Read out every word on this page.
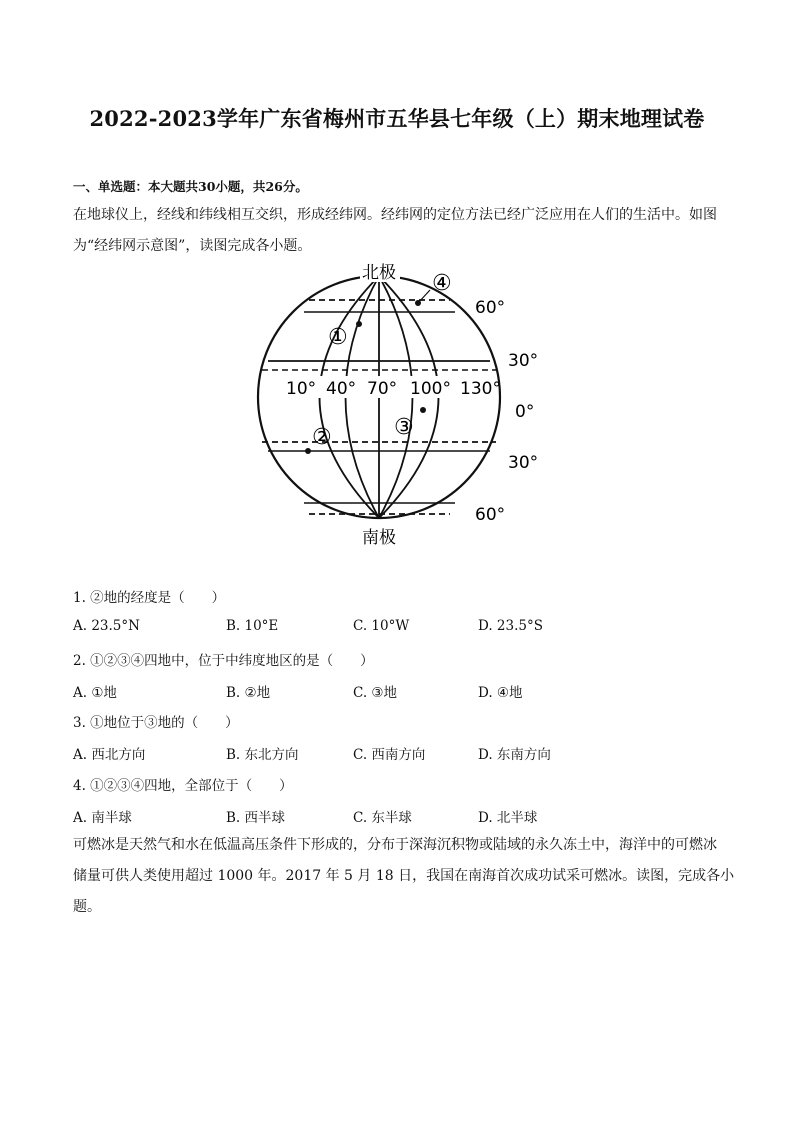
2022-2023学年广东省梅州市五华县七年级（上）期末地理试卷
一、单选题：本大题共30小题，共26分。
在地球仪上，经线和纬线相互交织，形成经纬网。经纬网的定位方法已经广泛应用在人们的生活中。如图
为“经纬网示意图”，读图完成各小题。
10° 40° 70° 100° 130°
北极
南极
60°
30°
0°
30°
60°
①
②	③
④
1. ②地的经度是（　　）
A. 23.5°N	B. 10°E	C. 10°W	D. 23.5°S
2. ①②③④四地中，位于中纬度地区的是（　　）
A. ①地	B. ②地	C. ③地	D. ④地
3. ①地位于③地的（　　）
A. 西北方向	B. 东北方向	C. 西南方向	D. 东南方向
4. ①②③④四地，全部位于（　　）
A. 南半球	B. 西半球	C. 东半球	D. 北半球
可燃冰是天然气和水在低温高压条件下形成的，分布于深海沉积物或陆域的永久冻土中，海洋中的可燃冰
储量可供人类使用超过 1000 年。2017 年 5 月 18 日，我国在南海首次成功试采可燃冰。读图，完成各小
题。
